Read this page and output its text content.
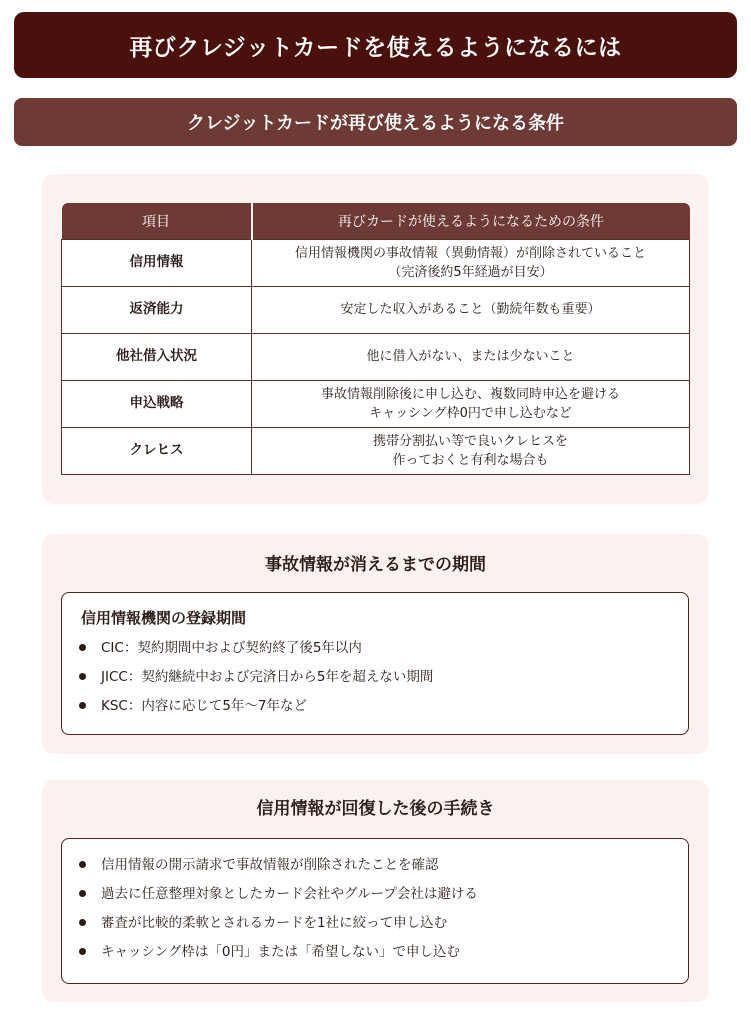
再びクレジットカードを使えるようになるには
クレジットカードが再び使えるようになる条件
項目	再びカードが使えるようになるための条件
信用情報	信用情報機関の事故情報（異動情報）が削除されていること
（完済後約5年経過が目安）

返済能力	安定した収入があること（勤続年数も重要）

他社借入状況	他に借入がない、または少ないこと

申込戦略	事故情報削除後に申し込む、複数同時申込を避ける
キャッシング枠0円で申し込むなど

クレヒス	携帯分割払い等で良いクレヒスを
作っておくと有利な場合も
事故情報が消えるまでの期間
信用情報機関の登録期間
CIC：契約期間中および契約終了後5年以内
JICC：契約継続中および完済日から5年を超えない期間
KSC：内容に応じて5年〜7年など
信用情報が回復した後の手続き
信用情報の開示請求で事故情報が削除されたことを確認
過去に任意整理対象としたカード会社やグループ会社は避ける
審査が比較的柔軟とされるカードを1社に絞って申し込む
キャッシング枠は「0円」または「希望しない」で申し込む
